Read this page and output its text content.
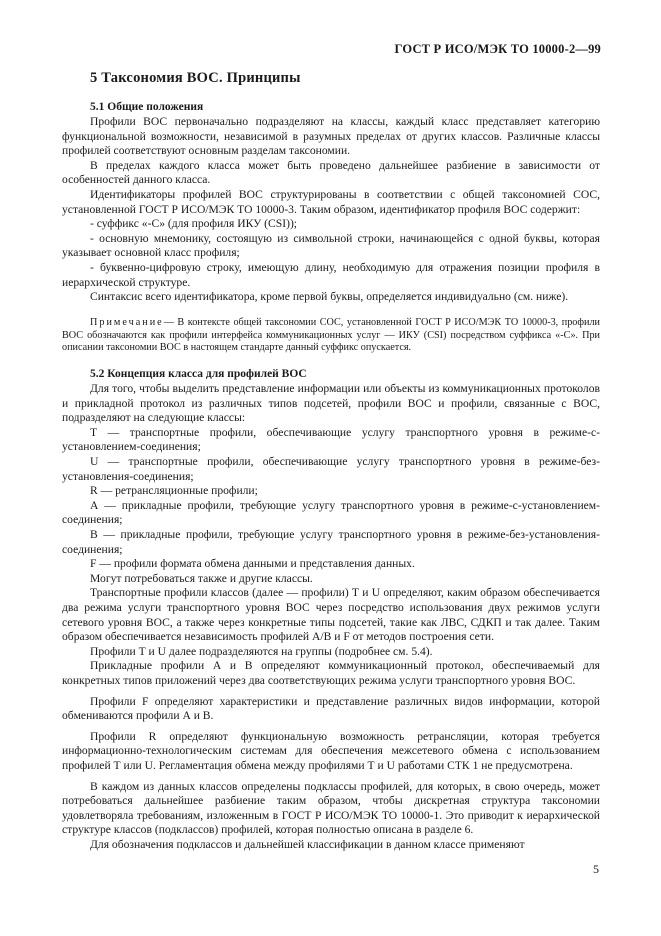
ГОСТ Р ИСО/МЭК ТО 10000-2—99
5 Таксономия ВОС. Принципы
5.1 Общие положения

Профили ВОС первоначально подразделяют на классы, каждый класс представляет категорию функциональной возможности, независимой в разумных пределах от других классов. Различные классы профилей соответствуют основным разделам таксономии.

В пределах каждого класса может быть проведено дальнейшее разбиение в зависимости от особенностей данного класса.

Идентификаторы профилей ВОС структурированы в соответствии с общей таксономией СОС, установленной ГОСТ Р ИСО/МЭК ТО 10000-3. Таким образом, идентификатор профиля ВОС содержит:

- суффикс «-С» (для профиля ИКУ (CSI));

- основную мнемонику, состоящую из символьной строки, начинающейся с одной буквы, которая указывает основной класс профиля;

- буквенно-цифровую строку, имеющую длину, необходимую для отражения позиции профиля в иерархической структуре.

Синтаксис всего идентификатора, кроме первой буквы, определяется индивидуально (см. ниже).

Примечание— В контексте общей таксономии СОС, установленной ГОСТ Р ИСО/МЭК ТО 10000-3, профили ВОС обозначаются как профили интерфейса коммуникационных услуг — ИКУ (CSI) посредством суффикса «-С». При описании таксономии ВОС в настоящем стандарте данный суффикс опускается.

5.2 Концепция класса для профилей ВОС

Для того, чтобы выделить представление информации или объекты из коммуникационных протоколов и прикладной протокол из различных типов подсетей, профили ВОС и профили, связанные с ВОС, подразделяют на следующие классы:

Т — транспортные профили, обеспечивающие услугу транспортного уровня в режиме-с-установлением-соединения;

U — транспортные профили, обеспечивающие услугу транспортного уровня в режиме-без-установления-соединения;

R — ретрансляционные профили;

А — прикладные профили, требующие услугу транспортного уровня в режиме-с-установлением-соединения;

В — прикладные профили, требующие услугу транспортного уровня в режиме-без-установления-соединения;

F — профили формата обмена данными и представления данных.

Могут потребоваться также и другие классы.

Транспортные профили классов (далее — профили) Т и U определяют, каким образом обеспечивается два режима услуги транспортного уровня ВОС через посредство использования двух режимов услуги сетевого уровня ВОС, а также через конкретные типы подсетей, такие как ЛВС, СДКП и так далее. Таким образом обеспечивается независимость профилей А/В и F от методов построения сети.

Профили Т и U далее подразделяются на группы (подробнее см. 5.4).

Прикладные профили А и В определяют коммуникационный протокол, обеспечиваемый для конкретных типов приложений через два соответствующих режима услуги транспортного уровня ВОС.

Профили F определяют характеристики и представление различных видов информации, которой обмениваются профили А и В.

Профили R определяют функциональную возможность ретрансляции, которая требуется информационно-технологическим системам для обеспечения межсетевого обмена с использованием профилей Т или U. Регламентация обмена между профилями Т и U работами СТК 1 не предусмотрена.

В каждом из данных классов определены подклассы профилей, для которых, в свою очередь, может потребоваться дальнейшее разбиение таким образом, чтобы дискретная структура таксономии удовлетворяла требованиям, изложенным в ГОСТ Р ИСО/МЭК ТО 10000-1. Это приводит к иерархической структуре классов (подклассов) профилей, которая полностью описана в разделе 6.

Для обозначения подклассов и дальнейшей классификации в данном классе применяют

5
